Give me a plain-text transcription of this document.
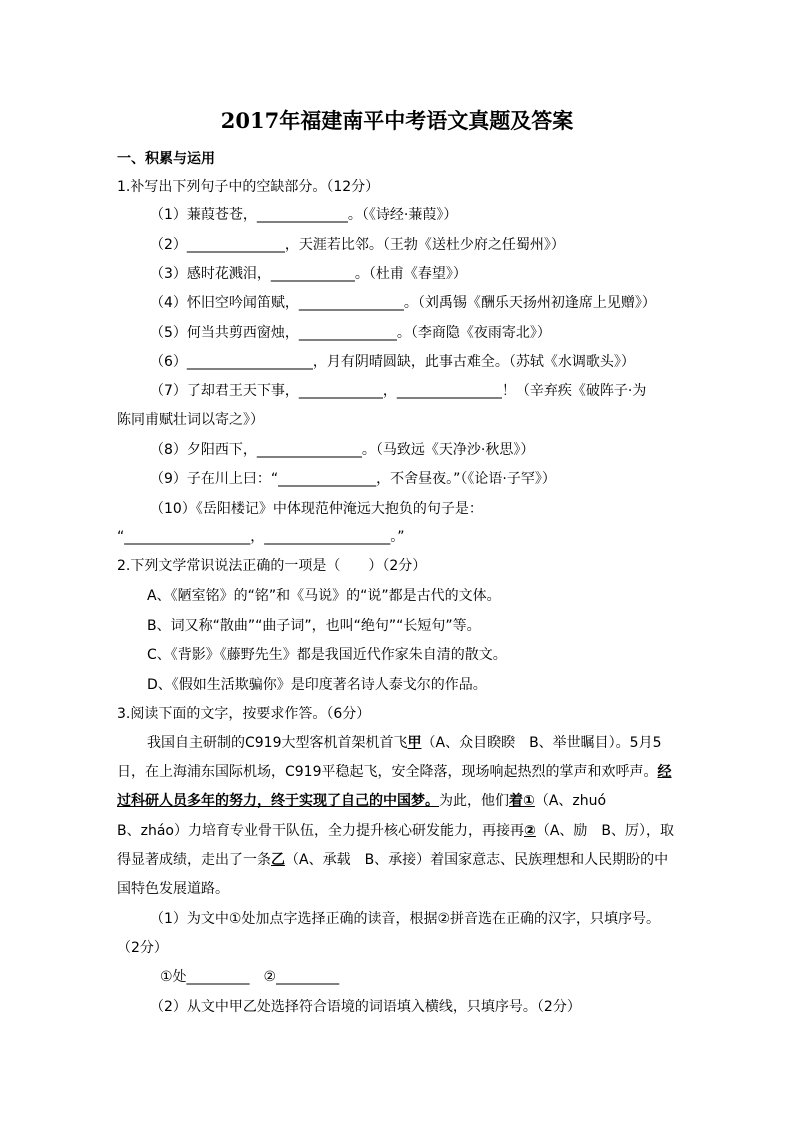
2017年福建南平中考语文真题及答案
一、积累与运用
1.补写出下列句子中的空缺部分。（12分）
（1）蒹葭苍苍，_____________。（《诗经·蒹葭》）
（2）______________，天涯若比邻。（王勃《送杜少府之任蜀州》）
（3）感时花溅泪，____________。（杜甫《春望》）
（4）怀旧空吟闻笛赋，_______________。（刘禹锡《酬乐天扬州初逢席上见赠》）
（5）何当共剪西窗烛，______________。（李商隐《夜雨寄北》）
（6）__________________，月有阴晴圆缺，此事古难全。（苏轼《水调歌头》）
（7）了却君王天下事，____________，_______________！（辛弃疾《破阵子·为
陈同甫赋壮词以寄之》）
（8）夕阳西下，_______________。（马致远《天净沙·秋思》）
（9）子在川上曰：“______________，不舍昼夜。”（《论语·子罕》）
（10）《岳阳楼记》中体现范仲淹远大抱负的句子是：
“__________________，__________________。”
2.下列文学常识说法正确的一项是（　　）（2分）
A、《陋室铭》的“铭”和《马说》的“说”都是古代的文体。
B、词又称“散曲”“曲子词”，也叫“绝句”“长短句”等。
C、《背影》《藤野先生》都是我国近代作家朱自清的散文。
D、《假如生活欺骗你》是印度著名诗人泰戈尔的作品。
3.阅读下面的文字，按要求作答。（6分）
我国自主研制的C919大型客机首架机首飞甲（A、众目睽睽　B、举世瞩目）。5月5
日，在上海浦东国际机场，C919平稳起飞，安全降落，现场响起热烈的掌声和欢呼声。经
过科研人员多年的努力，终于实现了自己的中国梦。为此，他们着①（A、zhuó
B、zháo）力培育专业骨干队伍，全力提升核心研发能力，再接再②（A、励　B、厉），取
得显著成绩，走出了一条乙（A、承载　B、承接）着国家意志、民族理想和人民期盼的中
国特色发展道路。
（1）为文中①处加点字选择正确的读音，根据②拼音选在正确的汉字，只填序号。
（2分）
①处_________　②_________
（2）从文中甲乙处选择符合语境的词语填入横线，只填序号。（2分）
